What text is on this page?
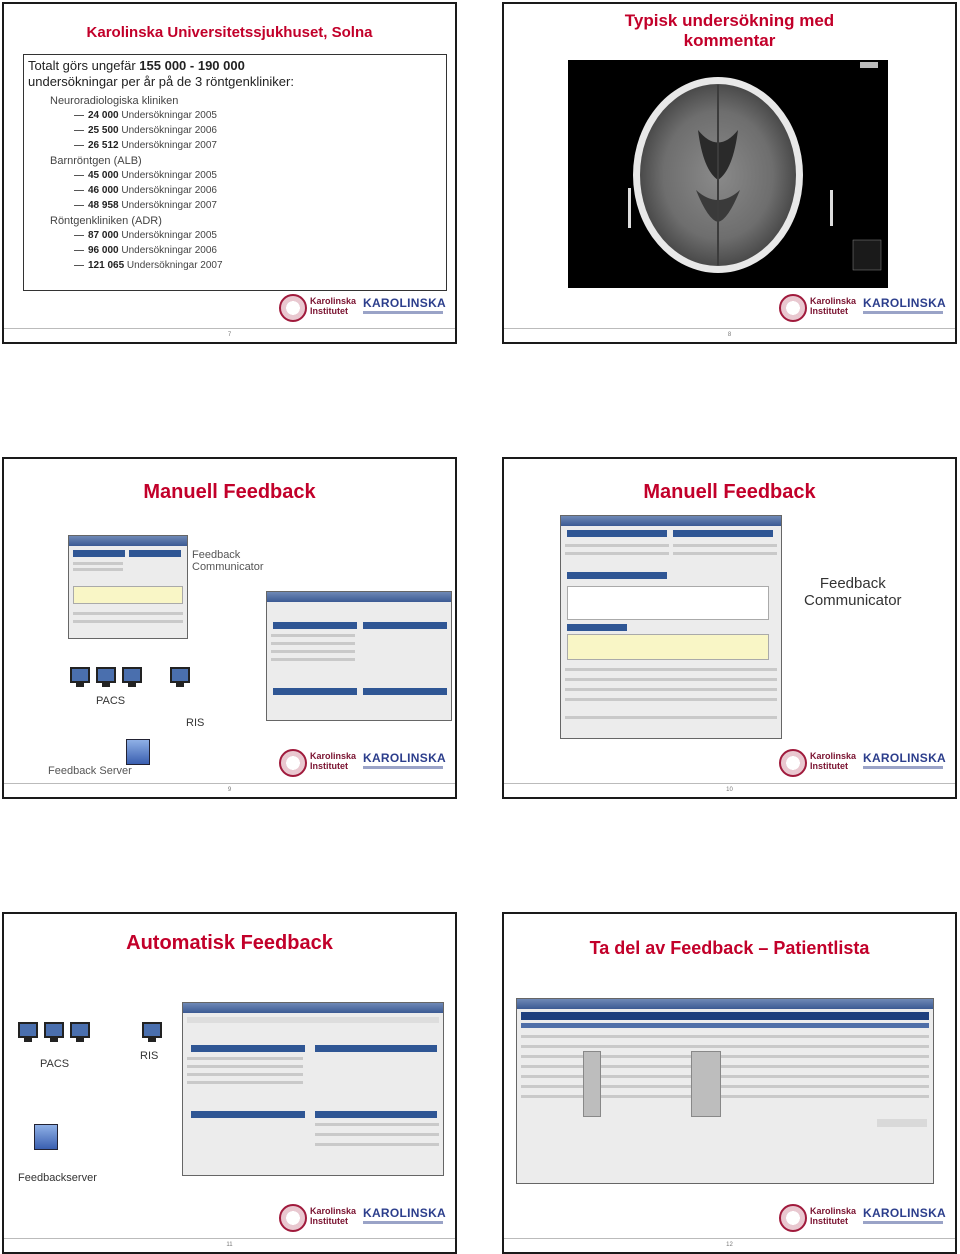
Karolinska Universitetssjukhuset, Solna
Totalt görs ungefär 155 000 - 190 000
undersökningar per år på de 3 röntgenkliniker:
Neuroradiologiska kliniken
24 000 Undersökningar 2005
25 500 Undersökningar 2006
26 512 Undersökningar 2007
Barnröntgen (ALB)
45 000 Undersökningar 2005
46 000 Undersökningar 2006
48 958 Undersökningar 2007
Röntgenkliniken (ADR)
87 000 Undersökningar 2005
96 000 Undersökningar 2006
121 065 Undersökningar 2007
Karolinska
Institutet
KAROLINSKA
7
Typisk undersökning med
kommentar
Karolinska
Institutet
KAROLINSKA
8
Manuell Feedback
Feedback
Communicator
PACS
RIS
Feedback Server
Karolinska
Institutet
KAROLINSKA
9
Manuell Feedback
Feedback
Communicator
Karolinska
Institutet
KAROLINSKA
10
Automatisk Feedback
PACS
RIS
Feedbackserver
Karolinska
Institutet
KAROLINSKA
11
Ta del av Feedback – Patientlista
Karolinska
Institutet
KAROLINSKA
12
